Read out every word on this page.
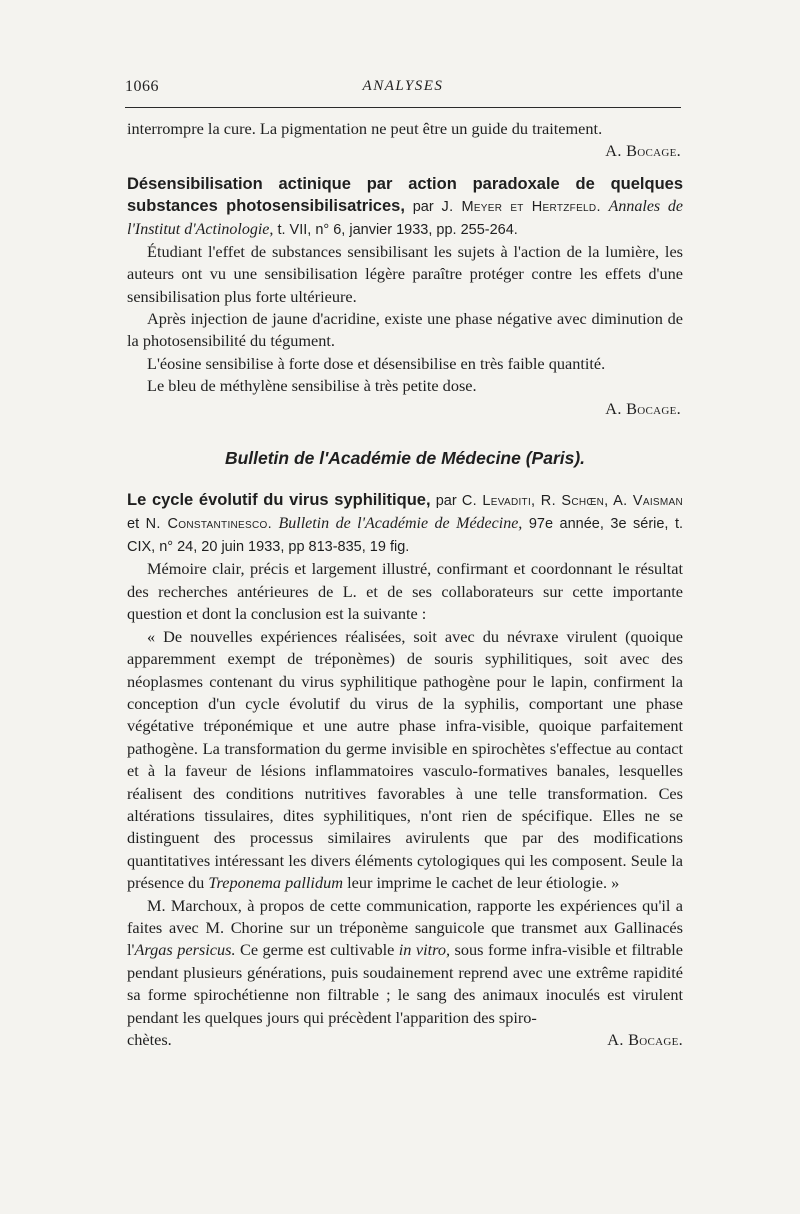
1066	ANALYSES

interrompre la cure. La pigmentation ne peut être un guide du traitement.

A. Bocage.

Désensibilisation actinique par action paradoxale de quelques substances photosensibilisatrices, par J. Meyer et Hertzfeld. Annales de l'Institut d'Actinologie, t. VII, n° 6, janvier 1933, pp. 255-264.

Étudiant l'effet de substances sensibilisant les sujets à l'action de la lumière, les auteurs ont vu une sensibilisation légère paraître protéger contre les effets d'une sensibilisation plus forte ultérieure.

Après injection de jaune d'acridine, existe une phase négative avec diminution de la photosensibilité du tégument.

L'éosine sensibilise à forte dose et désensibilise en très faible quantité.

Le bleu de méthylène sensibilise à très petite dose.

A. Bocage.

Bulletin de l'Académie de Médecine (Paris).

Le cycle évolutif du virus syphilitique, par C. Levaditi, R. Schœn, A. Vaisman et N. Constantinesco. Bulletin de l'Académie de Médecine, 97e année, 3e série, t. CIX, n° 24, 20 juin 1933, pp 813-835, 19 fig.

Mémoire clair, précis et largement illustré, confirmant et coordonnant le résultat des recherches antérieures de L. et de ses collaborateurs sur cette importante question et dont la conclusion est la suivante :

« De nouvelles expériences réalisées, soit avec du névraxe virulent (quoique apparemment exempt de tréponèmes) de souris syphilitiques, soit avec des néoplasmes contenant du virus syphilitique pathogène pour le lapin, confirment la conception d'un cycle évolutif du virus de la syphilis, comportant une phase végétative tréponémique et une autre phase infra-visible, quoique parfaitement pathogène. La transformation du germe invisible en spirochètes s'effectue au contact et à la faveur de lésions inflammatoires vasculo-formatives banales, lesquelles réalisent des conditions nutritives favorables à une telle transformation. Ces altérations tissulaires, dites syphilitiques, n'ont rien de spécifique. Elles ne se distinguent des processus similaires avirulents que par des modifications quantitatives intéressant les divers éléments cytologiques qui les composent. Seule la présence du Treponema pallidum leur imprime le cachet de leur étiologie. »

M. Marchoux, à propos de cette communication, rapporte les expériences qu'il a faites avec M. Chorine sur un tréponème sanguicole que transmet aux Gallinacés l'Argas persicus. Ce germe est cultivable in vitro, sous forme infra-visible et filtrable pendant plusieurs générations, puis soudainement reprend avec une extrême rapidité sa forme spirochétienne non filtrable ; le sang des animaux inoculés est virulent pendant les quelques jours qui précèdent l'apparition des spiro-

chètes.	A. Bocage.
